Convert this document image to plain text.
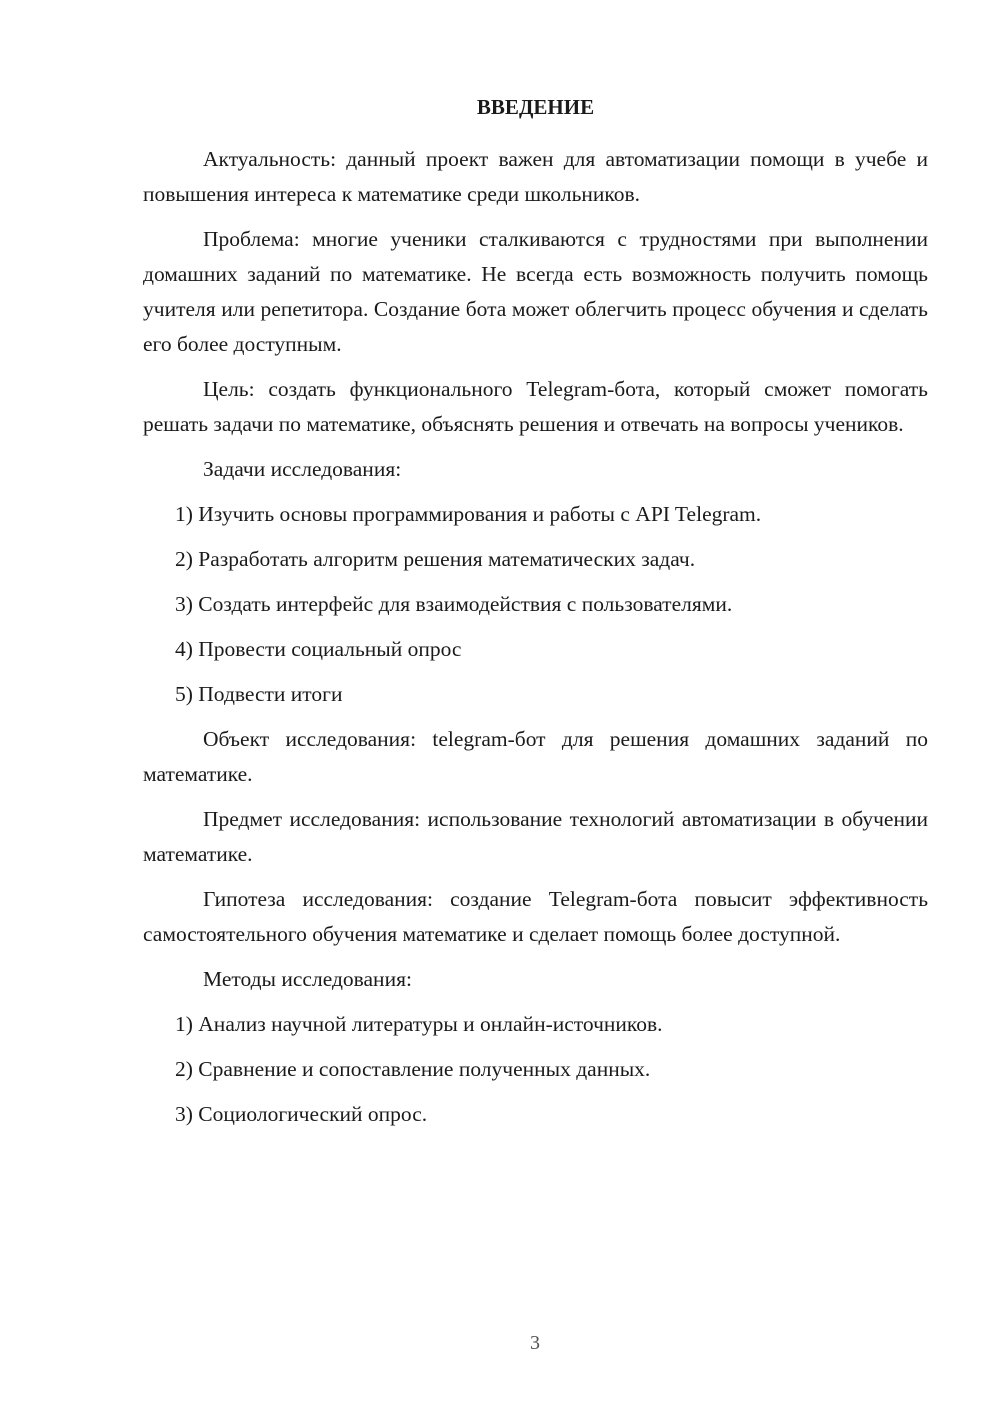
ВВЕДЕНИЕ

Актуальность: данный проект важен для автоматизации помощи в учебе и повышения интереса к математике среди школьников.

Проблема: многие ученики сталкиваются с трудностями при выполнении домашних заданий по математике. Не всегда есть возможность получить помощь учителя или репетитора. Создание бота может облегчить процесс обучения и сделать его более доступным.

Цель: создать функционального Telegram-бота, который сможет помогать решать задачи по математике, объяснять решения и отвечать на вопросы учеников.

Задачи исследования:

1) Изучить основы программирования и работы с API Telegram.
2) Разработать алгоритм решения математических задач.
3) Создать интерфейс для взаимодействия с пользователями.
4) Провести социальный опрос
5) Подвести итоги

Объект исследования: telegram-бот для решения домашних заданий по математике.

Предмет исследования: использование технологий автоматизации в обучении математике.

Гипотеза исследования: создание Telegram-бота повысит эффективность самостоятельного обучения математике и сделает помощь более доступной.

Методы исследования:

1) Анализ научной литературы и онлайн-источников.
2) Сравнение и сопоставление полученных данных.
3) Социологический опрос.
3
